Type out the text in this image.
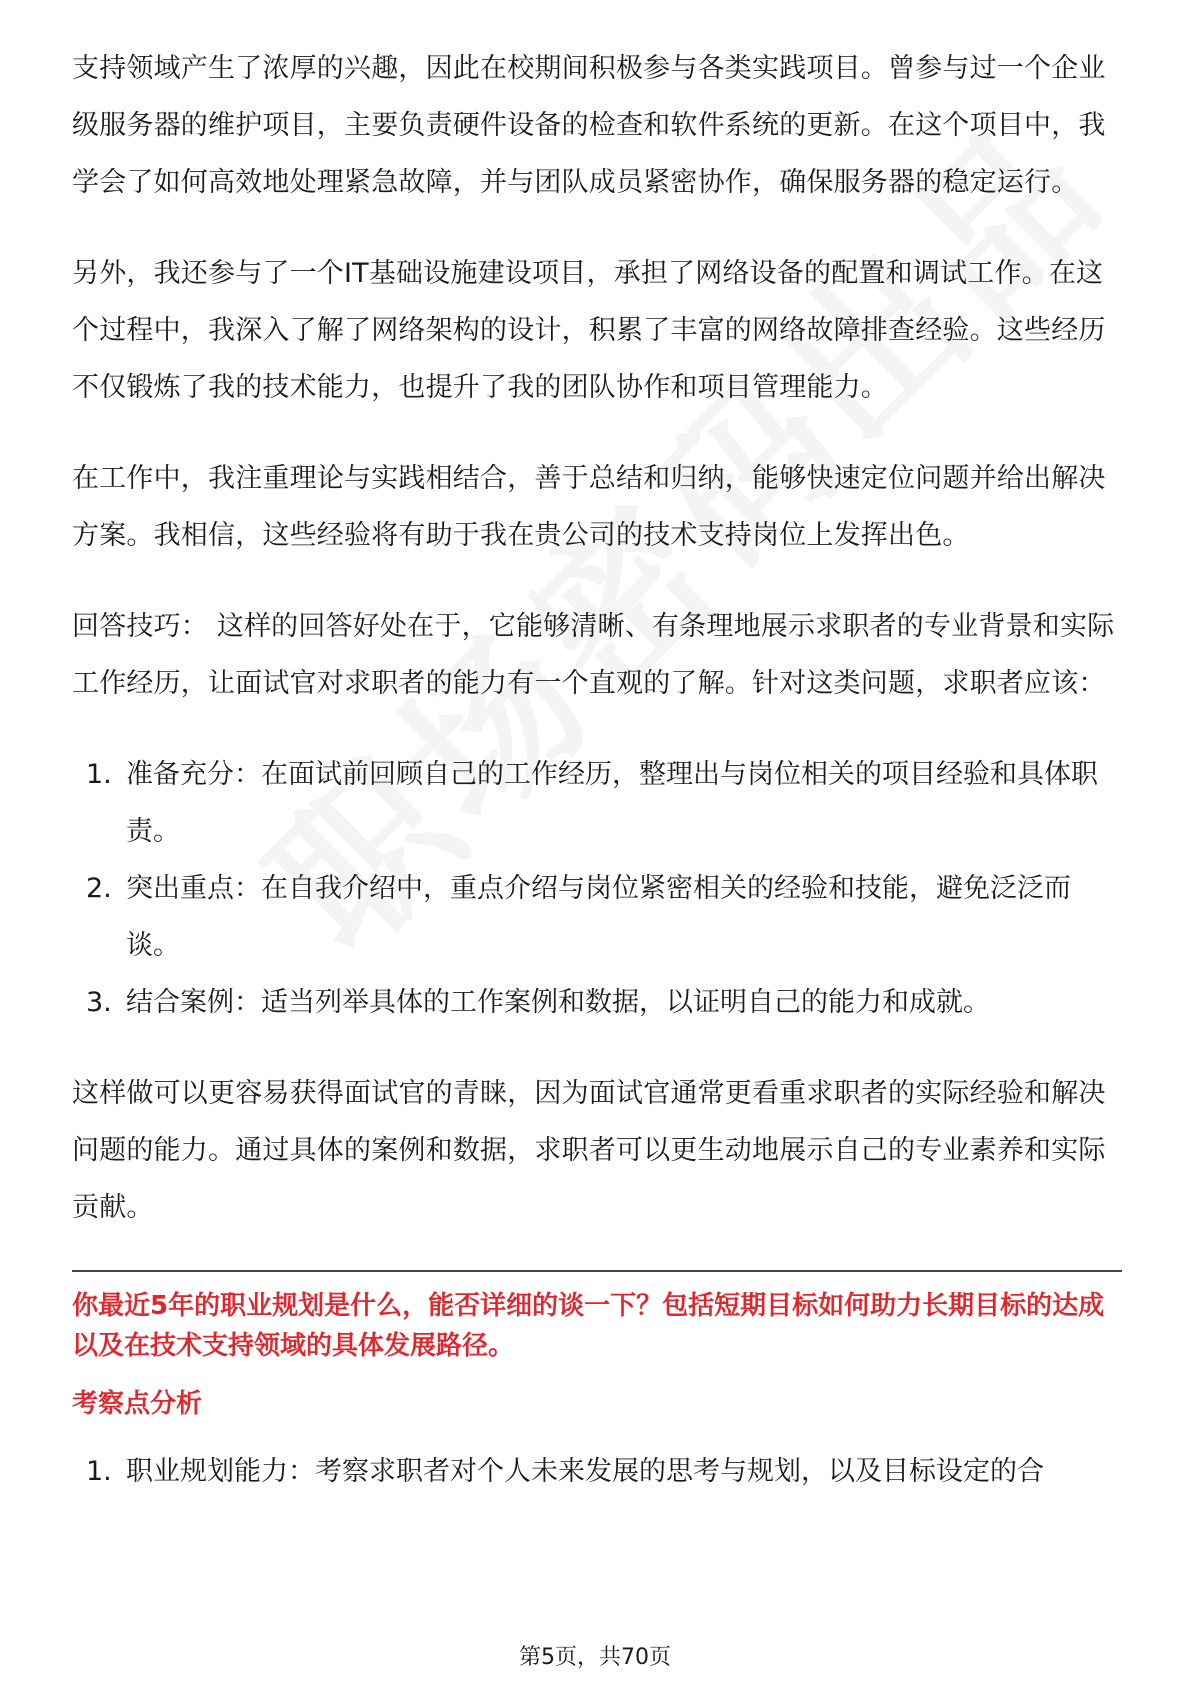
支持领域产生了浓厚的兴趣，因此在校期间积极参与各类实践项目。曾参与过一个企业级服务器的维护项目，主要负责硬件设备的检查和软件系统的更新。在这个项目中，我学会了如何高效地处理紧急故障，并与团队成员紧密协作，确保服务器的稳定运行。

另外，我还参与了一个IT基础设施建设项目，承担了网络设备的配置和调试工作。在这个过程中，我深入了解了网络架构的设计，积累了丰富的网络故障排查经验。这些经历不仅锻炼了我的技术能力，也提升了我的团队协作和项目管理能力。

在工作中，我注重理论与实践相结合，善于总结和归纳，能够快速定位问题并给出解决方案。我相信，这些经验将有助于我在贵公司的技术支持岗位上发挥出色。

回答技巧： 这样的回答好处在于，它能够清晰、有条理地展示求职者的专业背景和实际工作经历，让面试官对求职者的能力有一个直观的了解。针对这类问题，求职者应该：

1. 准备充分：在面试前回顾自己的工作经历，整理出与岗位相关的项目经验和具体职责。
2. 突出重点：在自我介绍中，重点介绍与岗位紧密相关的经验和技能，避免泛泛而谈。
3. 结合案例：适当列举具体的工作案例和数据，以证明自己的能力和成就。

这样做可以更容易获得面试官的青睐，因为面试官通常更看重求职者的实际经验和解决问题的能力。通过具体的案例和数据，求职者可以更生动地展示自己的专业素养和实际贡献。

你最近5年的职业规划是什么，能否详细的谈一下？包括短期目标如何助力长期目标的达成以及在技术支持领域的具体发展路径。
考察点分析
1. 职业规划能力：考察求职者对个人未来发展的思考与规划，以及目标设定的合
第5页，共70页
